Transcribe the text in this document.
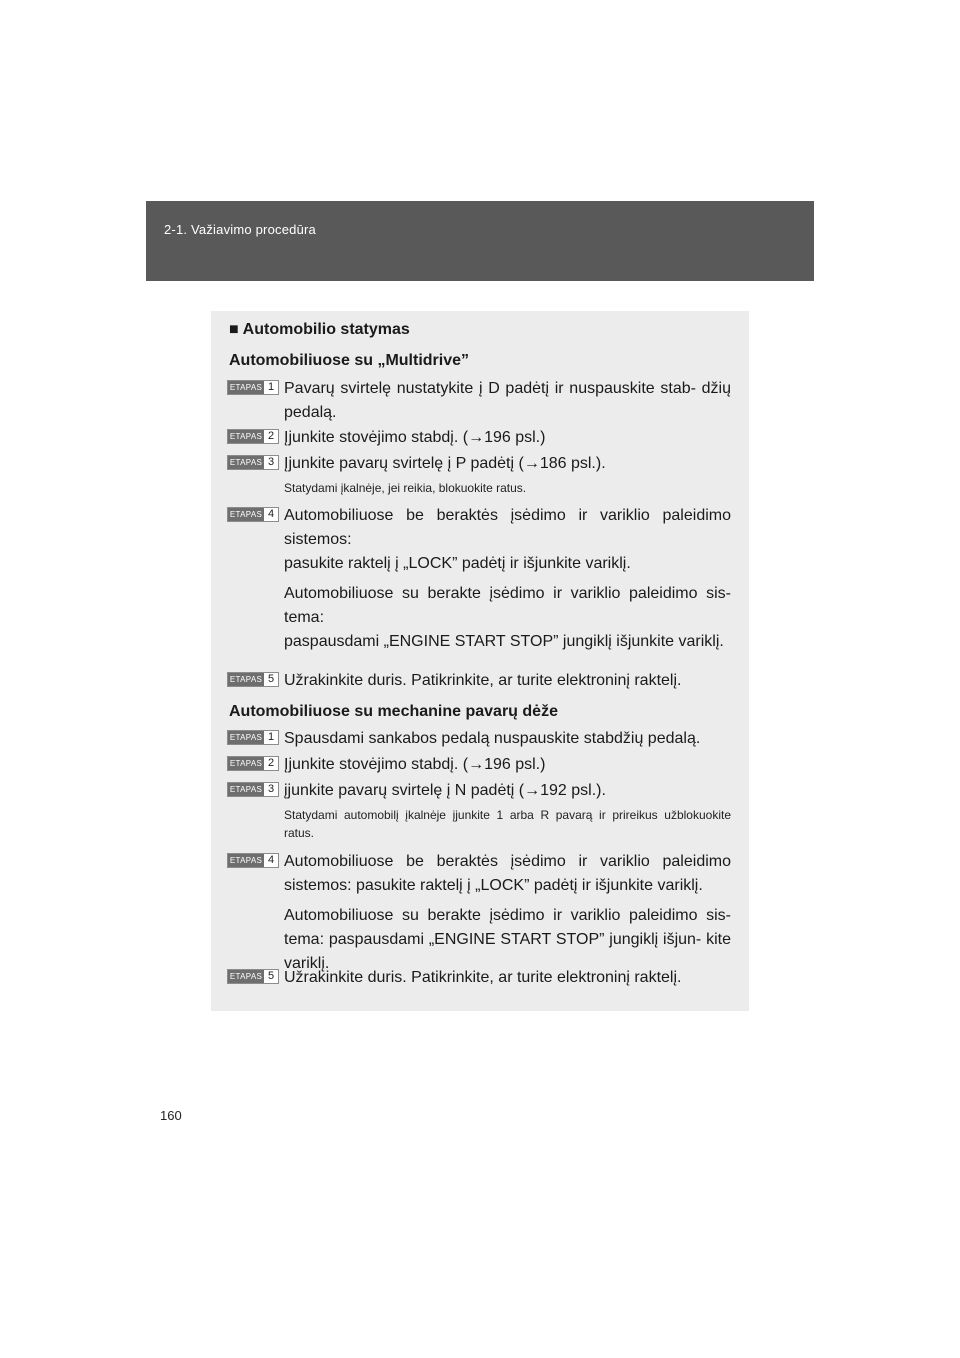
2-1. Važiavimo procedūra
■ Automobilio statymas
Automobiliuose su „Multidrive”
ETAPAS 1 Pavarų svirtelę nustatykite į D padėtį ir nuspauskite stab- džių pedalą.
ETAPAS 2 Įjunkite stovėjimo stabdį. (→196 psl.)
ETAPAS 3 Įjunkite pavarų svirtelę į P padėtį (→186 psl.).
Statydami įkalnėje, jei reikia, blokuokite ratus.
ETAPAS 4 Automobiliuose be beraktės įsėdimo ir variklio paleidimo sistemos:
pasukite raktelį į „LOCK” padėtį ir išjunkite variklį.

Automobiliuose su berakte įsėdimo ir variklio paleidimo sis- tema:
paspausdami „ENGINE START STOP” jungiklį išjunkite variklį.

ETAPAS 5 Užrakinkite duris. Patikrinkite, ar turite elektroninį raktelį.
Automobiliuose su mechanine pavarų dėže
ETAPAS 1 Spausdami sankabos pedalą nuspauskite stabdžių pedalą.
ETAPAS 2 Įjunkite stovėjimo stabdį. (→196 psl.)
ETAPAS 3 įjunkite pavarų svirtelę į N padėtį (→192 psl.).
Statydami automobilį įkalnėje įjunkite 1 arba R pavarą ir prireikus užblokuokite ratus.
ETAPAS 4 Automobiliuose be beraktės įsėdimo ir variklio paleidimo sistemos: pasukite raktelį į „LOCK” padėtį ir išjunkite variklį.

Automobiliuose su berakte įsėdimo ir variklio paleidimo sis- tema: paspausdami „ENGINE START STOP” jungiklį išjun- kite variklį.

ETAPAS 5 Užrakinkite duris. Patikrinkite, ar turite elektroninį raktelį.
160
